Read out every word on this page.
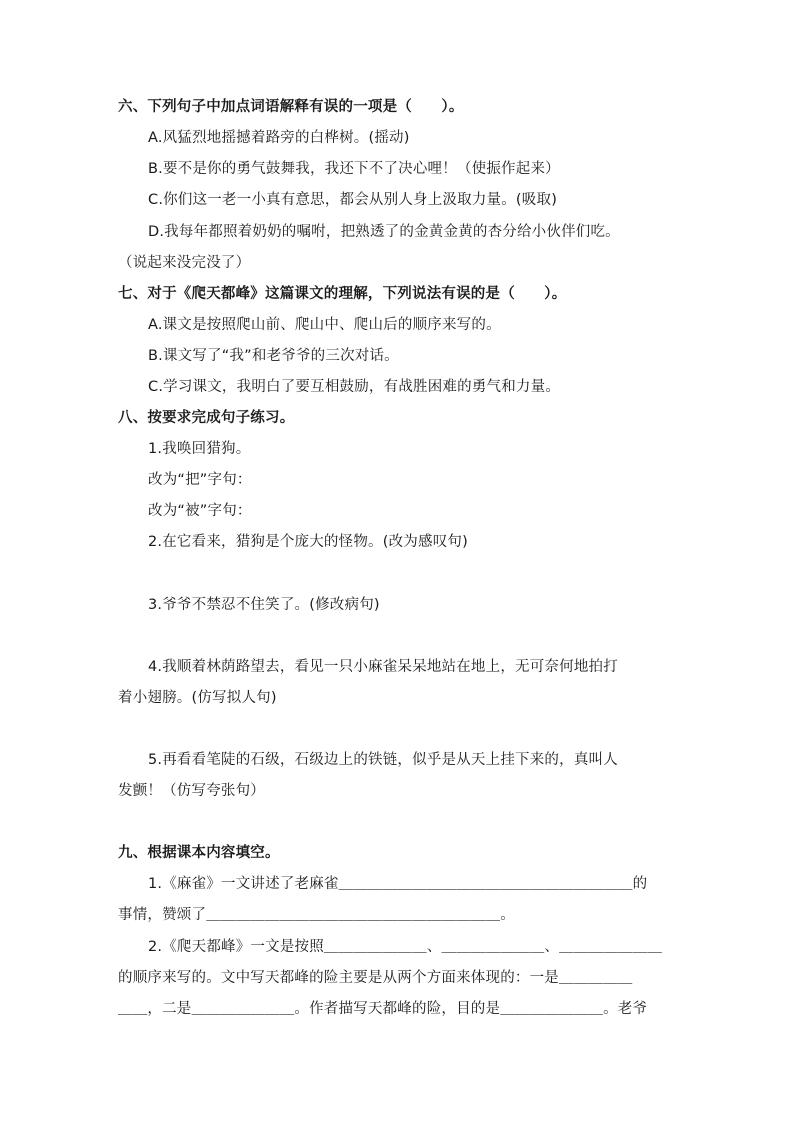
六、下列句子中加点词语解释有误的一项是（　　）。
A.风猛烈地摇撼着路旁的白桦树。(摇动)
B.要不是你的勇气鼓舞我，我还下不了决心哩！（使振作起来）
C.你们这一老一小真有意思，都会从别人身上汲取力量。(吸取)
D.我每年都照着奶奶的嘱咐，把熟透了的金黄金黄的杏分给小伙伴们吃。
（说起来没完没了）
七、对于《爬天都峰》这篇课文的理解，下列说法有误的是（　　）。
A.课文是按照爬山前、爬山中、爬山后的顺序来写的。
B.课文写了“我”和老爷爷的三次对话。
C.学习课文，我明白了要互相鼓励，有战胜困难的勇气和力量。
八、按要求完成句子练习。
1.我唤回猎狗。
改为“把”字句：
改为“被”字句：
2.在它看来，猎狗是个庞大的怪物。(改为感叹句)
3.爷爷不禁忍不住笑了。(修改病句)
4.我顺着林荫路望去，看见一只小麻雀呆呆地站在地上，无可奈何地拍打
着小翅膀。(仿写拟人句)
5.再看看笔陡的石级，石级边上的铁链，似乎是从天上挂下来的，真叫人
发颤！（仿写夸张句）
九、根据课本内容填空。
1.《麻雀》一文讲述了老麻雀＿＿＿＿＿＿＿＿＿＿＿＿＿＿＿＿＿＿＿＿的
事情，赞颂了＿＿＿＿＿＿＿＿＿＿＿＿＿＿＿＿＿＿＿＿。
2.《爬天都峰》一文是按照＿＿＿＿＿＿＿、＿＿＿＿＿＿＿、＿＿＿＿＿＿＿
的顺序来写的。文中写天都峰的险主要是从两个方面来体现的：一是＿＿＿＿＿
＿＿，二是＿＿＿＿＿＿＿。作者描写天都峰的险，目的是＿＿＿＿＿＿＿。老爷
